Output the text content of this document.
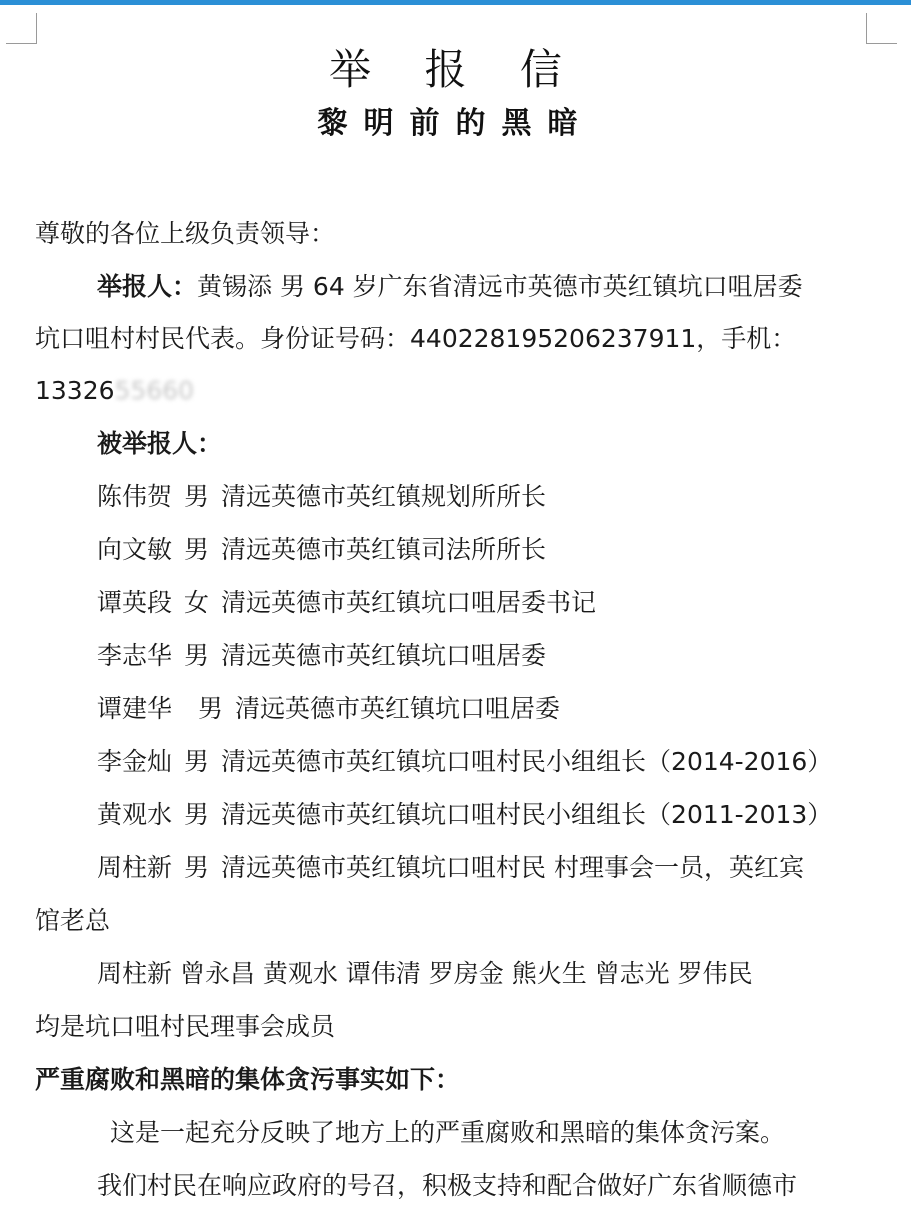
举 报 信
黎明前的黑暗
尊敬的各位上级负责领导：
举报人：黄锡添 男 64 岁广东省清远市英德市英红镇坑口咀居委
坑口咀村村民代表。身份证号码：440228195206237911，手机：
1332655660
被举报人：
陈伟贺 男 清远英德市英红镇规划所所长
向文敏 男 清远英德市英红镇司法所所长
谭英段 女 清远英德市英红镇坑口咀居委书记
李志华 男 清远英德市英红镇坑口咀居委
谭建华 男 清远英德市英红镇坑口咀居委
李金灿 男 清远英德市英红镇坑口咀村民小组组长（2014-2016）
黄观水 男 清远英德市英红镇坑口咀村民小组组长（2011-2013）
周柱新 男 清远英德市英红镇坑口咀村民 村理事会一员，英红宾
馆老总
周柱新 曾永昌 黄观水 谭伟清 罗房金 熊火生 曾志光 罗伟民
均是坑口咀村民理事会成员
严重腐败和黑暗的集体贪污事实如下：
这是一起充分反映了地方上的严重腐败和黑暗的集体贪污案。
我们村民在响应政府的号召，积极支持和配合做好广东省顺德市
